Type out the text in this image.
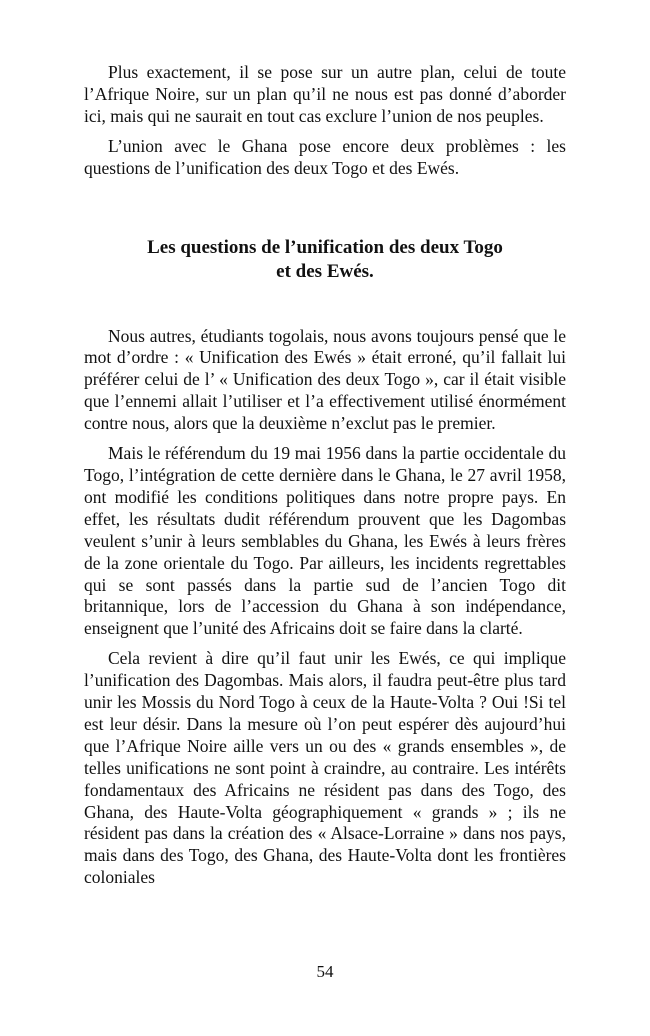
Plus exactement, il se pose sur un autre plan, celui de toute l’Afrique Noire, sur un plan qu’il ne nous est pas donné d’aborder ici, mais qui ne saurait en tout cas exclure l’union de nos peuples.

L’union avec le Ghana pose encore deux problèmes : les questions de l’unification des deux Togo et des Ewés.

Les questions de l’unification des deux Togo
et des Ewés.

Nous autres, étudiants togolais, nous avons toujours pensé que le mot d’ordre : « Unification des Ewés » était erroné, qu’il fallait lui préférer celui de l’ « Unification des deux Togo », car il était visible que l’ennemi allait l’utiliser et l’a effectivement utilisé énormément contre nous, alors que la deuxième n’exclut pas le premier.

Mais le référendum du 19 mai 1956 dans la partie occidentale du Togo, l’intégration de cette dernière dans le Ghana, le 27 avril 1958, ont modifié les conditions politiques dans notre propre pays. En effet, les résultats dudit référendum prouvent que les Dagombas veulent s’unir à leurs semblables du Ghana, les Ewés à leurs frères de la zone orientale du Togo. Par ailleurs, les incidents regrettables qui se sont passés dans la partie sud de l’ancien Togo dit britannique, lors de l’accession du Ghana à son indépendance, enseignent que l’unité des Africains doit se faire dans la clarté.

Cela revient à dire qu’il faut unir les Ewés, ce qui implique l’unification des Dagombas. Mais alors, il faudra peut-être plus tard unir les Mossis du Nord Togo à ceux de la Haute-Volta ? Oui !Si tel est leur désir. Dans la mesure où l’on peut espérer dès aujourd’hui que l’Afrique Noire aille vers un ou des « grands ensembles », de telles unifications ne sont point à craindre, au contraire. Les intérêts fondamentaux des Africains ne résident pas dans des Togo, des Ghana, des Haute-Volta géographiquement « grands » ; ils ne résident pas dans la création des « Alsace-Lorraine » dans nos pays, mais dans des Togo, des Ghana, des Haute-Volta dont les frontières coloniales

54
